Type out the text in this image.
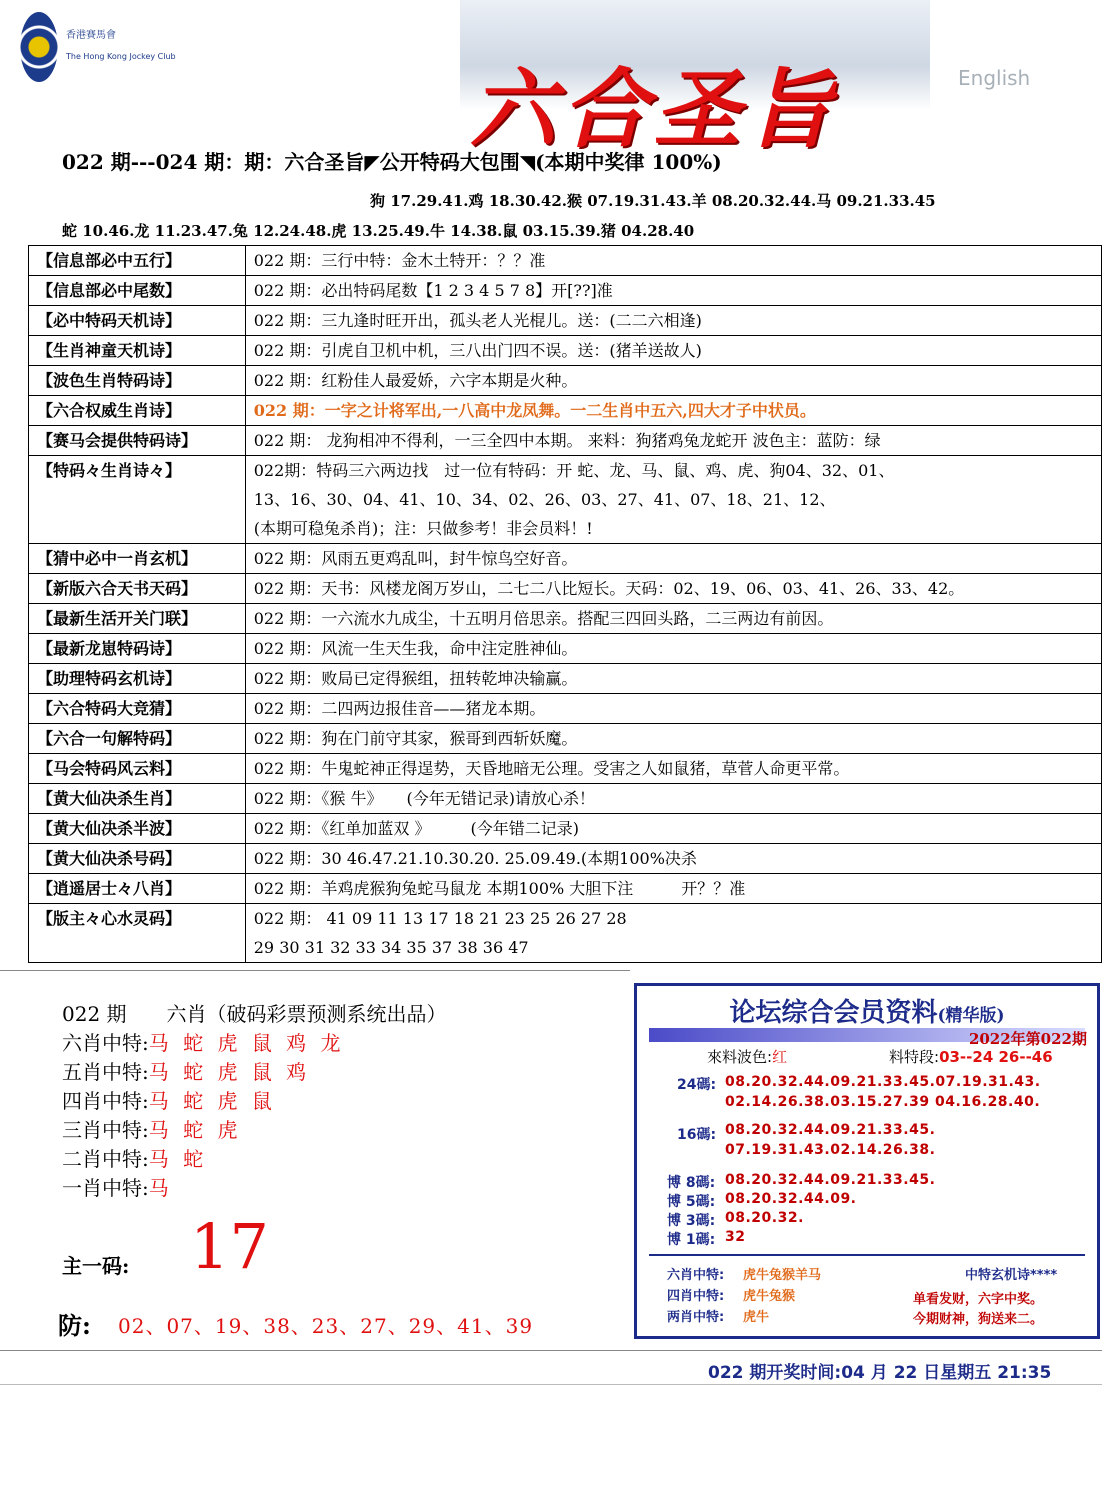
香港賽馬會
The Hong Kong Jockey Club
六合圣旨	English
022 期---024 期：期：六合圣旨◤公开特码大包围◥(本期中奖律 100%)
狗 17.29.41.鸡 18.30.42.猴 07.19.31.43.羊 08.20.32.44.马 09.21.33.45
蛇 10.46.龙 11.23.47.兔 12.24.48.虎 13.25.49.牛 14.38.鼠 03.15.39.猪 04.28.40
【信息部必中五行】	022 期：三行中特：金木土特开：？？准
【信息部必中尾数】	022 期：必出特码尾数【1 2 3 4 5 7 8】开[??]准
【必中特码天机诗】	022 期：三九逢时旺开出，孤头老人光棍儿。送：(二二六相逢)
【生肖神童天机诗】	022 期：引虎自卫机中机，三八出门四不误。送：(猪羊送故人)
【波色生肖特码诗】	022 期：红粉佳人最爱娇，六字本期是火种。
【六合权威生肖诗】	022 期：一字之计将军出,一八高中龙凤舞。一二生肖中五六,四大才子中状员。
【赛马会提供特码诗】	022 期： 龙狗相冲不得利，一三全四中本期。 来料：狗猪鸡兔龙蛇开 波色主：蓝防：绿
【特码々生肖诗々】	022期：特码三六两边找　过一位有特码：开 蛇、龙、马、鼠、鸡、虎、狗04、32、01、
13、16、30、04、41、10、34、02、26、03、27、41、07、18、21、12、
(本期可稳兔杀肖)；注：只做参考！非会员料！!

【猜中必中一肖玄机】	022 期：风雨五更鸡乱叫，封牛惊鸟空好音。
【新版六合天书天码】	022 期：天书：风楼龙阁万岁山，二七二八比短长。天码：02、19、06、03、41、26、33、42。
【最新生活开关门联】	022 期：一六流水九成尘，十五明月倍思亲。搭配三四回头路，二三两边有前因。
【最新龙崽特码诗】	022 期：风流一生天生我，命中注定胜神仙。
【助理特码玄机诗】	022 期：败局已定得猴组，扭转乾坤决输赢。
【六合特码大竞猜】	022 期：二四两边报佳音——猪龙本期。
【六合一句解特码】	022 期：狗在门前守其家，猴哥到西斩妖魔。
【马会特码风云料】	022 期：牛鬼蛇神正得逞势，天昏地暗无公理。受害之人如鼠猪，草菅人命更平常。
【黄大仙决杀生肖】	022 期：《猴 牛》　　(今年无错记录)请放心杀！
【黄大仙决杀半波】	022 期：《红单加蓝双 》　　　(今年错二记录)
【黄大仙决杀号码】	022 期：30 46.47.21.10.30.20. 25.09.49.(本期100%决杀
【逍遥居士々八肖】	022 期：羊鸡虎猴狗兔蛇马鼠龙 本期100% 大胆下注　　　开？？准
【版主々心水灵码】	022 期： 41 09 11 13 17 18 21 23 25 26 27 28
29 30 31 32 33 34 35 37 38 36 47
022 期　　六肖（破码彩票预测系统出品）
六肖中特:马 蛇 虎 鼠 鸡 龙
五肖中特:马 蛇 虎 鼠 鸡
四肖中特:马 蛇 虎 鼠
三肖中特:马 蛇 虎
二肖中特:马 蛇
一肖中特:马
主一码: 17
防: 02、07、19、38、23、27、29、41、39
论坛综合会员资料(精华版)
2022年第022期
來料波色:红	料特段:03--24 26--46
24碼: 08.20.32.44.09.21.33.45.07.19.31.43.
02.14.26.38.03.15.27.39 04.16.28.40.
16碼: 08.20.32.44.09.21.33.45.
07.19.31.43.02.14.26.38.
博 8碼: 08.20.32.44.09.21.33.45.
博 5碼: 08.20.32.44.09.
博 3碼: 08.20.32.
博 1碼: 32
六肖中特: 虎牛兔猴羊马
四肖中特: 虎牛兔猴
两肖中特: 虎牛
中特玄机诗****
单看发财，六字中奖。
今期财神，狗送来二。
022 期开奖时间:04 月 22 日星期五 21:35
